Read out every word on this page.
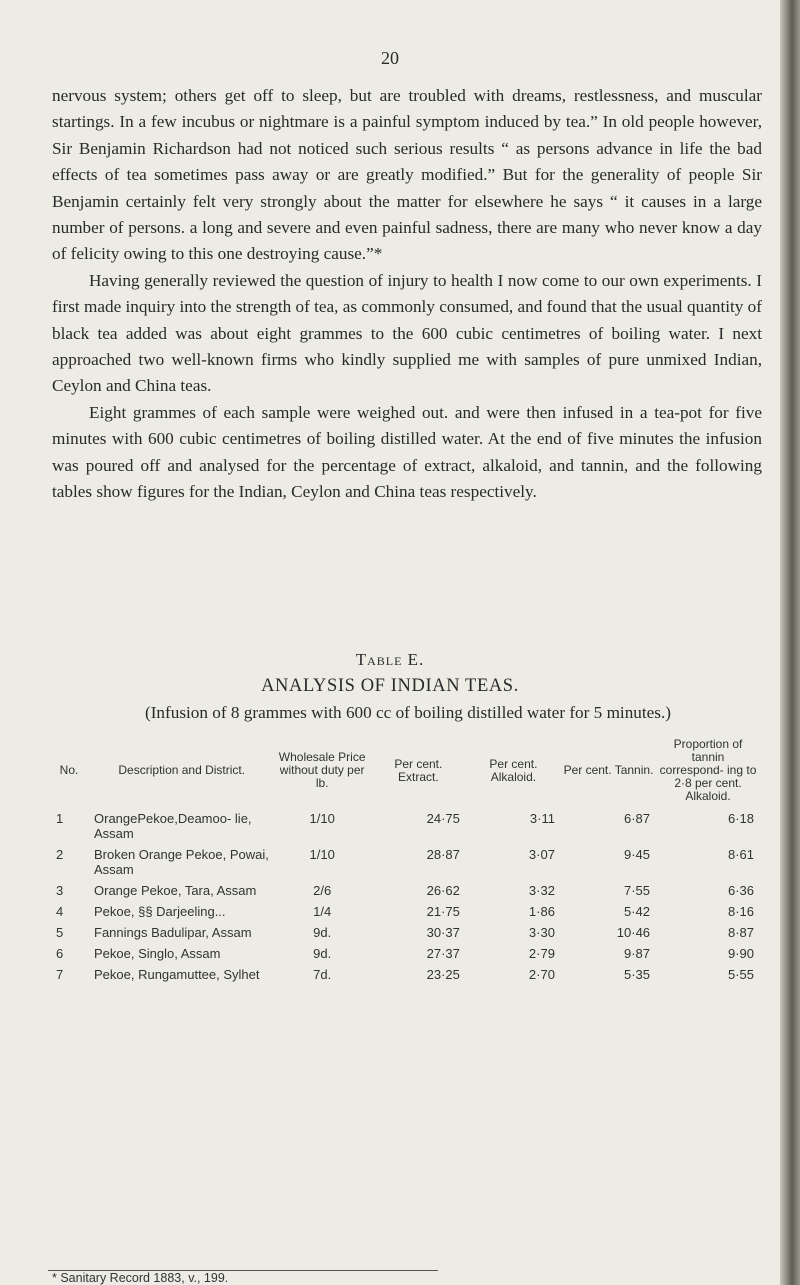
20

nervous system; others get off to sleep, but are troubled with dreams, restlessness, and muscular startings. In a few incubus or nightmare is a painful symptom induced by tea.” In old people however, Sir Benjamin Richardson had not noticed such serious results “ as persons advance in life the bad effects of tea sometimes pass away or are greatly modified.” But for the generality of people Sir Benjamin certainly felt very strongly about the matter for elsewhere he says “ it causes in a large number of persons. a long and severe and even painful sadness, there are many who never know a day of felicity owing to this one destroying cause.”*

Having generally reviewed the question of injury to health I now come to our own experiments. I first made inquiry into the strength of tea, as commonly consumed, and found that the usual quantity of black tea added was about eight grammes to the 600 cubic centimetres of boiling water. I next approached two well-known firms who kindly supplied me with samples of pure unmixed Indian, Ceylon and China teas.

Eight grammes of each sample were weighed out. and were then infused in a tea-pot for five minutes with 600 cubic centimetres of boiling distilled water. At the end of five minutes the infusion was poured off and analysed for the percentage of extract, alkaloid, and tannin, and the following tables show figures for the Indian, Ceylon and China teas respectively.

Table E.
ANALYSIS OF INDIAN TEAS.
(Infusion of 8 grammes with 600 cc of boiling distilled water for 5 minutes.)
No.	Description and District.	Wholesale Price without duty per lb.	Per cent. Extract.	Per cent. Alkaloid.	Per cent. Tannin.	Proportion of tannin correspond- ing to 2·8 per cent. Alkaloid.
1	OrangePekoe,Deamoo- lie, Assam	1/10	24·75	3·11	6·87	6·18
2	Broken Orange Pekoe, Powai, Assam	1/10	28·87	3·07	9·45	8·61
3	Orange Pekoe, Tara, Assam	2/6	26·62	3·32	7·55	6·36
4	Pekoe, §§ Darjeeling...	1/4	21·75	1·86	5·42	8·16
5	Fannings Badulipar, Assam	9d.	30·37	3·30	10·46	8·87
6	Pekoe, Singlo, Assam	9d.	27·37	2·79	9·87	9·90
7	Pekoe, Rungamuttee, Sylhet	7d.	23·25	2·70	5·35	5·55
* Sanitary Record 1883, v., 199.
